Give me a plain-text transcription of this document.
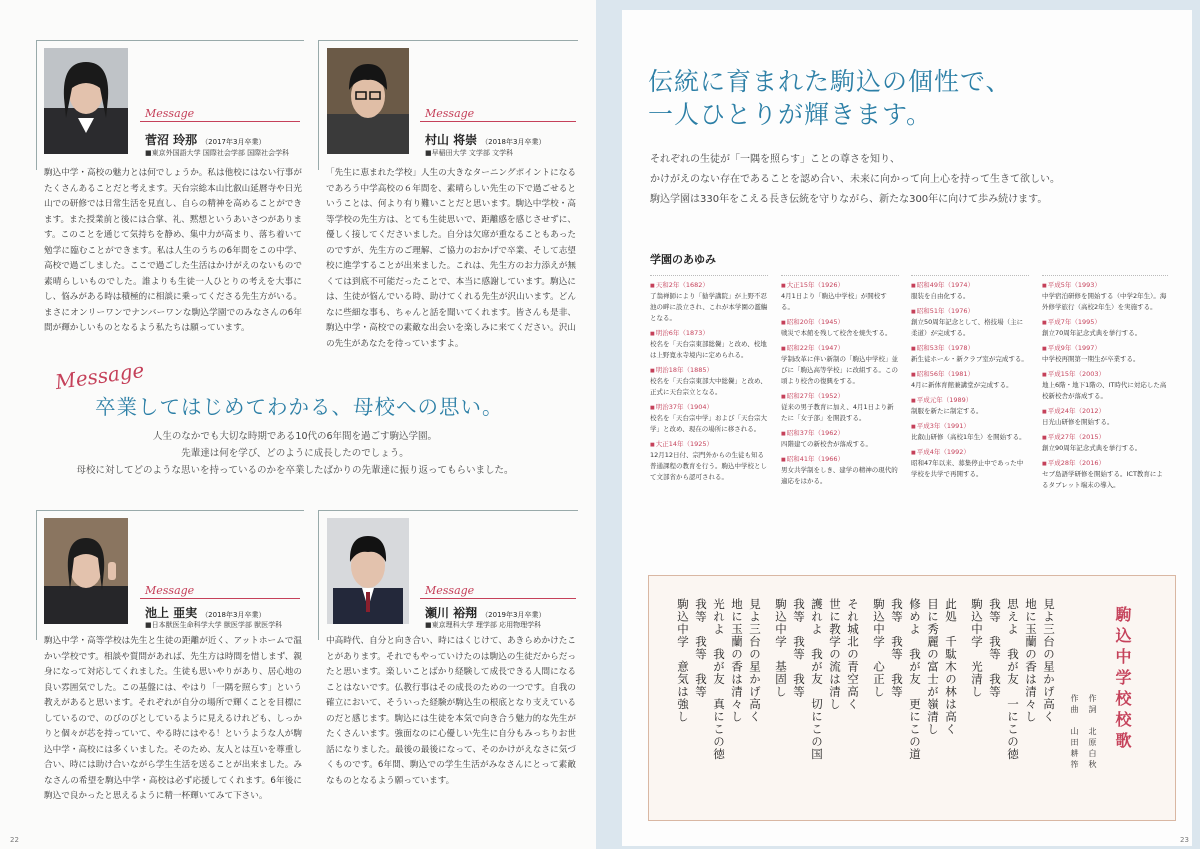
Message
菅沼 玲那 （2017年3月卒業）
■東京外国語大学 国際社会学部 国際社会学科
駒込中学・高校の魅力とは何でしょうか。私は他校にはない行事がたくさんあることだと考えます。天台宗総本山比叡山延暦寺や日光山での研修では日常生活を見直し、自らの精神を高めることができます。また授業前と後には合掌、礼、黙想というあいさつがあります。このことを通じて気持ちを静め、集中力が高まり、落ち着いて勉学に臨むことができます。私は人生のうちの6年間をこの中学、高校で過ごしました。ここで過ごした生活はかけがえのないもので素晴らしいものでした。誰よりも生徒一人ひとりの考えを大事にし、悩みがある時は積極的に相談に乗ってくださる先生方がいる。まさにオンリーワンでナンバーワンな駒込学園でのみなさんの6年間が輝かしいものとなるよう私たちは願っています。
Message
村山 将崇 （2018年3月卒業）
■早稲田大学 文学部 文学科
「先生に恵まれた学校」人生の大きなターニングポイントになるであろう中学高校の６年間を、素晴らしい先生の下で過ごせるということは、何より有り難いことだと思います。駒込中学校・高等学校の先生方は、とても生徒思いで、距離感を感じさせずに、優しく接してくださいました。自分は欠席が重なることもあったのですが、先生方のご理解、ご協力のおかげで卒業、そして志望校に進学することが出来ました。これは、先生方のお力添えが無くては到底不可能だったことで、本当に感謝しています。駒込には、生徒が悩んでいる時、助けてくれる先生が沢山います。どんなに些細な事も、ちゃんと話を聞いてくれます。皆さんも是非、駒込中学・高校での素敵な出会いを楽しみに来てください。沢山の先生があなたを待っていますよ。
Message
卒業してはじめてわかる、母校への思い。
人生のなかでも大切な時期である10代の6年間を過ごす駒込学園。
先輩達は何を学び、どのように成長したのでしょう。
母校に対してどのような思いを持っているのかを卒業したばかりの先輩達に振り返ってもらいました。
Message
池上 亜実 （2018年3月卒業）
■日本獣医生命科学大学 獣医学部 獣医学科
駒込中学・高等学校は先生と生徒の距離が近く、アットホームで温かい学校です。相談や質問があれば、先生方は時間を惜しまず、親身になって対応してくれました。生徒も思いやりがあり、居心地の良い雰囲気でした。この基盤には、やはり「一隅を照らす」という教えがあると思います。それぞれが自分の場所で輝くことを目標にしているので、のびのびとしているように見えるけれども、しっかりと個々が芯を持っていて、やる時にはやる！というような人が駒込中学・高校には多くいました。そのため、友人とは互いを尊重し合い、時には助け合いながら学生生活を送ることが出来ました。みなさんの希望を駒込中学・高校は必ず応援してくれます。6年後に駒込で良かったと思えるように精一杯輝いてみて下さい。
Message
瀬川 裕翔 （2019年3月卒業）
■東京理科大学 理学部 応用物理学科
中高時代、自分と向き合い、時にはくじけて、あきらめかけたことがあります。それでもやっていけたのは駒込の生徒だからだったと思います。楽しいことばかり経験して成長できる人間になることはないです。仏教行事はその成長のための一つです。自我の確立において、そういった経験が駒込生の根底となり支えているのだと感じます。駒込には生徒を本気で向き合う魅力的な先生がたくさんいます。強面なのに心優しい先生に自分もみっちりお世話になりました。最後の最後になって、そのかけがえなさに気づくものです。6年間、駒込での学生生活がみなさんにとって素敵なものとなるよう願っています。
22	23
伝統に育まれた駒込の個性で、
一人ひとりが輝きます。
それぞれの生徒が「一隅を照らす」ことの尊さを知り、
かけがえのない存在であることを認め合い、未来に向かって向上心を持って生きて欲しい。
駒込学園は330年をこえる長き伝統を守りながら、新たな300年に向けて歩み続けます。
学園のあゆみ
■ 天和2年（1682）
了翁禅師により「勧学講院」が上野不忍池の畔に設立され、これが本学園の濫觴となる。
■ 明治6年（1873）
校名を「天台宗東部総黌」と改め、校地は上野寛永寺境内に定められる。
■ 明治18年（1885）
校名を「天台宗東部大中総黌」と改め、正式に天台宗立となる。
■ 明治37年（1904）
校名を「天台宗中学」および「天台宗大学」と改め、現在の場所に移される。
■ 大正14年（1925）
12月12日付、宗門外からの生徒も知る普通課程の教育を行う。駒込中学校として文部省から認可される。
■ 大正15年（1926）
4月1日より「駒込中学校」が開校する。
■ 昭和20年（1945）
戦災で本館を残して校舎を焼失する。
■ 昭和22年（1947）
学制改革に伴い新制の「駒込中学校」並びに「駒込高等学校」に改組する。この頃より校舎の復興をする。
■ 昭和27年（1952）
従来の男子教育に加え、4月1日より新たに「女子部」を開設する。
■ 昭和37年（1962）
四階建ての新校舎が落成する。
■ 昭和41年（1966）
男女共学制をしき、建学の精神の現代的適応をはかる。
■ 昭和49年（1974）
服装を自由化する。
■ 昭和51年（1976）
創立50周年記念として、格技場（主に柔道）が完成する。
■ 昭和53年（1978）
新生徒ホール・新クラブ室が完成する。
■ 昭和56年（1981）
4月に新体育館兼講堂が完成する。
■ 平成元年（1989）
制服を新たに制定する。
■ 平成3年（1991）
比叡山研修（高校1年生）を開始する。
■ 平成4年（1992）
昭和47年以来、募集停止中であった中学校を共学で再開する。
■ 平成5年（1993）
中学宿泊研修を開始する（中学2年生）。海外修学旅行（高校2年生）を実施する。
■ 平成7年（1995）
創立70周年記念式典を挙行する。
■ 平成9年（1997）
中学校再開第一期生が卒業する。
■ 平成15年（2003）
地上6階・地下1階の、IT時代に対応した高校新校舎が落成する。
■ 平成24年（2012）
日光山研修を開始する。
■ 平成27年（2015）
創立90周年記念式典を挙行する。
■ 平成28年（2016）
セブ島語学研修を開始する。ICT教育によるタブレット端末の導入。
駒込中学校校歌
作詞　北原白秋
作曲　山田耕筰
見よ三台の星かげ高く
地に玉蘭の香は清々し
思えよ　我が友　一にこの徳
我等　我等　我等
駒込中学　光清し
此処　千駄木の林は高く
目に秀麗の富士が嶺清し
修めよ　我が友　更にこの道
我等　我等　我等
駒込中学　心正し
それ城北の青空高く
世に教学の流は清し
護れよ　我が友　切にこの国
我等　我等　我等
駒込中学　基固し
見よ三台の星かげ高く
地に玉蘭の香は清々し
光れよ　我が友　真にこの徳
我等　我等　我等
駒込中学　意気は強し
